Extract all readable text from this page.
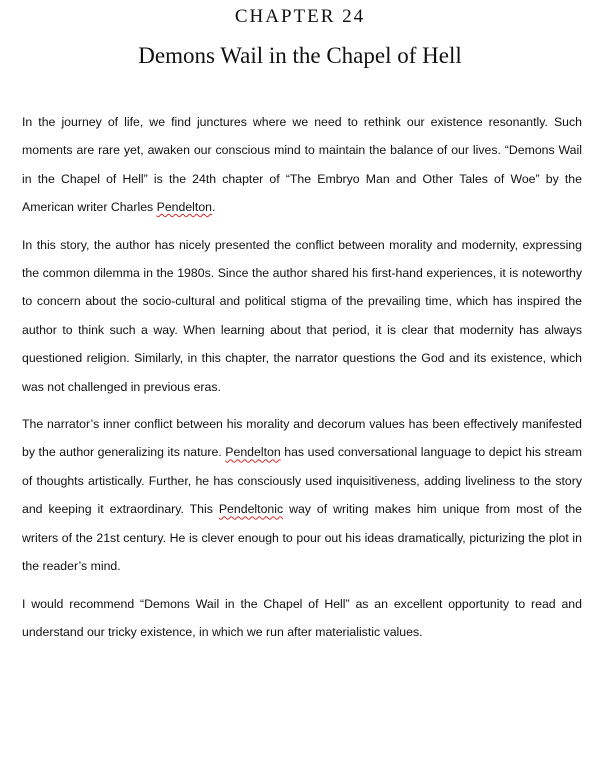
CHAPTER 24
Demons Wail in the Chapel of Hell

In the journey of life, we find junctures where we need to rethink our existence resonantly. Such moments are rare yet, awaken our conscious mind to maintain the balance of our lives. “Demons Wail in the Chapel of Hell” is the 24th chapter of “The Embryo Man and Other Tales of Woe” by the American writer Charles Pendelton.

In this story, the author has nicely presented the conflict between morality and modernity, expressing the common dilemma in the 1980s. Since the author shared his first-hand experiences, it is noteworthy to concern about the socio-cultural and political stigma of the prevailing time, which has inspired the author to think such a way. When learning about that period, it is clear that modernity has always questioned religion. Similarly, in this chapter, the narrator questions the God and its existence, which was not challenged in previous eras.

The narrator’s inner conflict between his morality and decorum values has been effectively manifested by the author generalizing its nature. Pendelton has used conversational language to depict his stream of thoughts artistically. Further, he has consciously used inquisitiveness, adding liveliness to the story and keeping it extraordinary. This Pendeltonic way of writing makes him unique from most of the writers of the 21st century. He is clever enough to pour out his ideas dramatically, picturizing the plot in the reader’s mind.

I would recommend “Demons Wail in the Chapel of Hell” as an excellent opportunity to read and understand our tricky existence, in which we run after materialistic values.
